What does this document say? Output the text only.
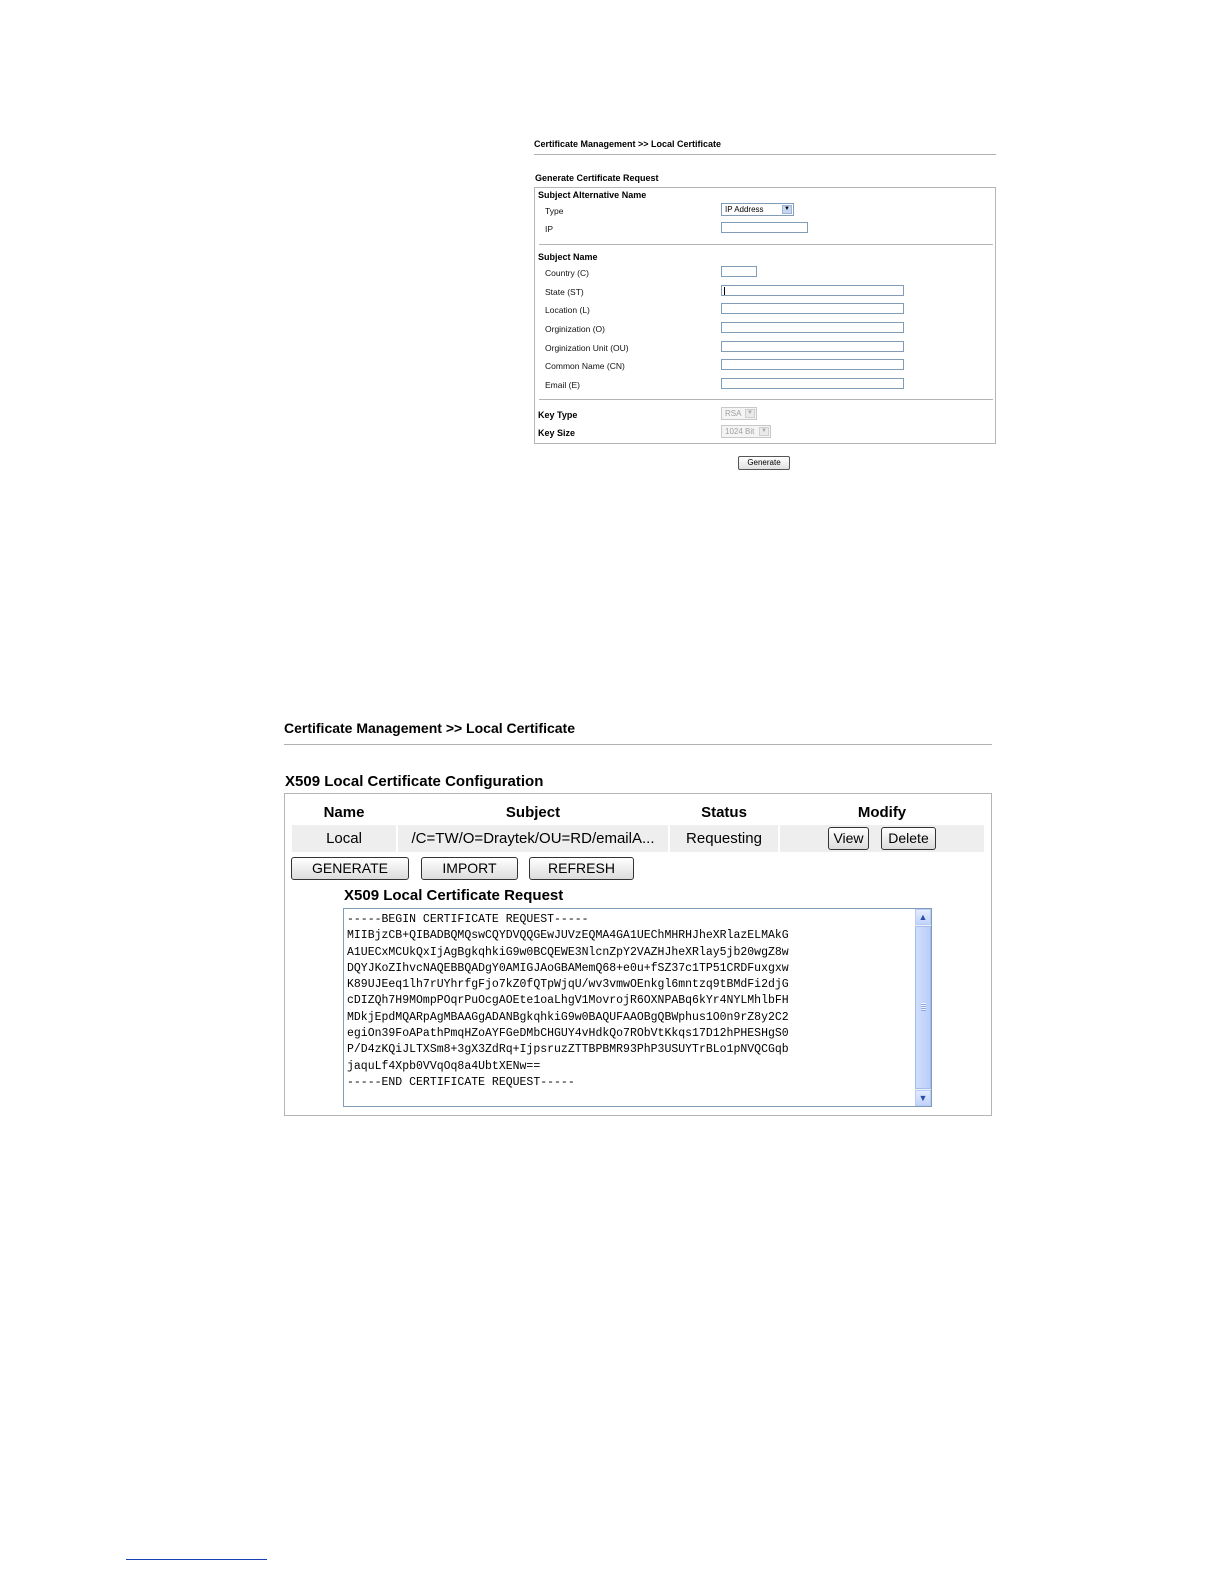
Certificate Management >> Local Certificate
Generate Certificate Request
Subject Alternative Name
Type	IP Address	▼
IP
Subject Name
Country (C)
State (ST)
Location (L)
Orginization (O)
Orginization Unit (OU)
Common Name (CN)
Email (E)
Key Type	RSA ▼
Key Size	1024 Bit	▼
Generate
Certificate Management >> Local Certificate
X509 Local Certificate Configuration
Name	Subject	Status	Modify
Local	/C=TW/O=Draytek/OU=RD/emailA...	Requesting	View	Delete
GENERATE	IMPORT	REFRESH
X509 Local Certificate Request
-----BEGIN CERTIFICATE REQUEST-----
MIIBjzCB+QIBADBQMQswCQYDVQQGEwJUVzEQMA4GA1UEChMHRHJheXRlazELMAkG
A1UECxMCUkQxIjAgBgkqhkiG9w0BCQEWE3NlcnZpY2VAZHJheXRlay5jb20wgZ8w
DQYJKoZIhvcNAQEBBQADgY0AMIGJAoGBAMemQ68+e0u+fSZ37c1TP51CRDFuxgxw
K89UJEeq1lh7rUYhrfgFjo7kZ0fQTpWjqU/wv3vmwOEnkgl6mntzq9tBMdFi2djG
cDIZQh7H9MOmpPOqrPuOcgAOEte1oaLhgV1MovrojR6OXNPABq6kYr4NYLMhlbFH
MDkjEpdMQARpAgMBAAGgADANBgkqhkiG9w0BAQUFAAOBgQBWphus1O0n9rZ8y2C2
egiOn39FoAPathPmqHZoAYFGeDMbCHGUY4vHdkQo7RObVtKkqs17D12hPHESHgS0
P/D4zKQiJLTXSm8+3gX3ZdRq+IjpsruzZTTBPBMR93PhP3USUYTrBLo1pNVQCGqb
jaquLf4Xpb0VVqOq8a4UbtXENw==
-----END CERTIFICATE REQUEST-----
▲
▼
